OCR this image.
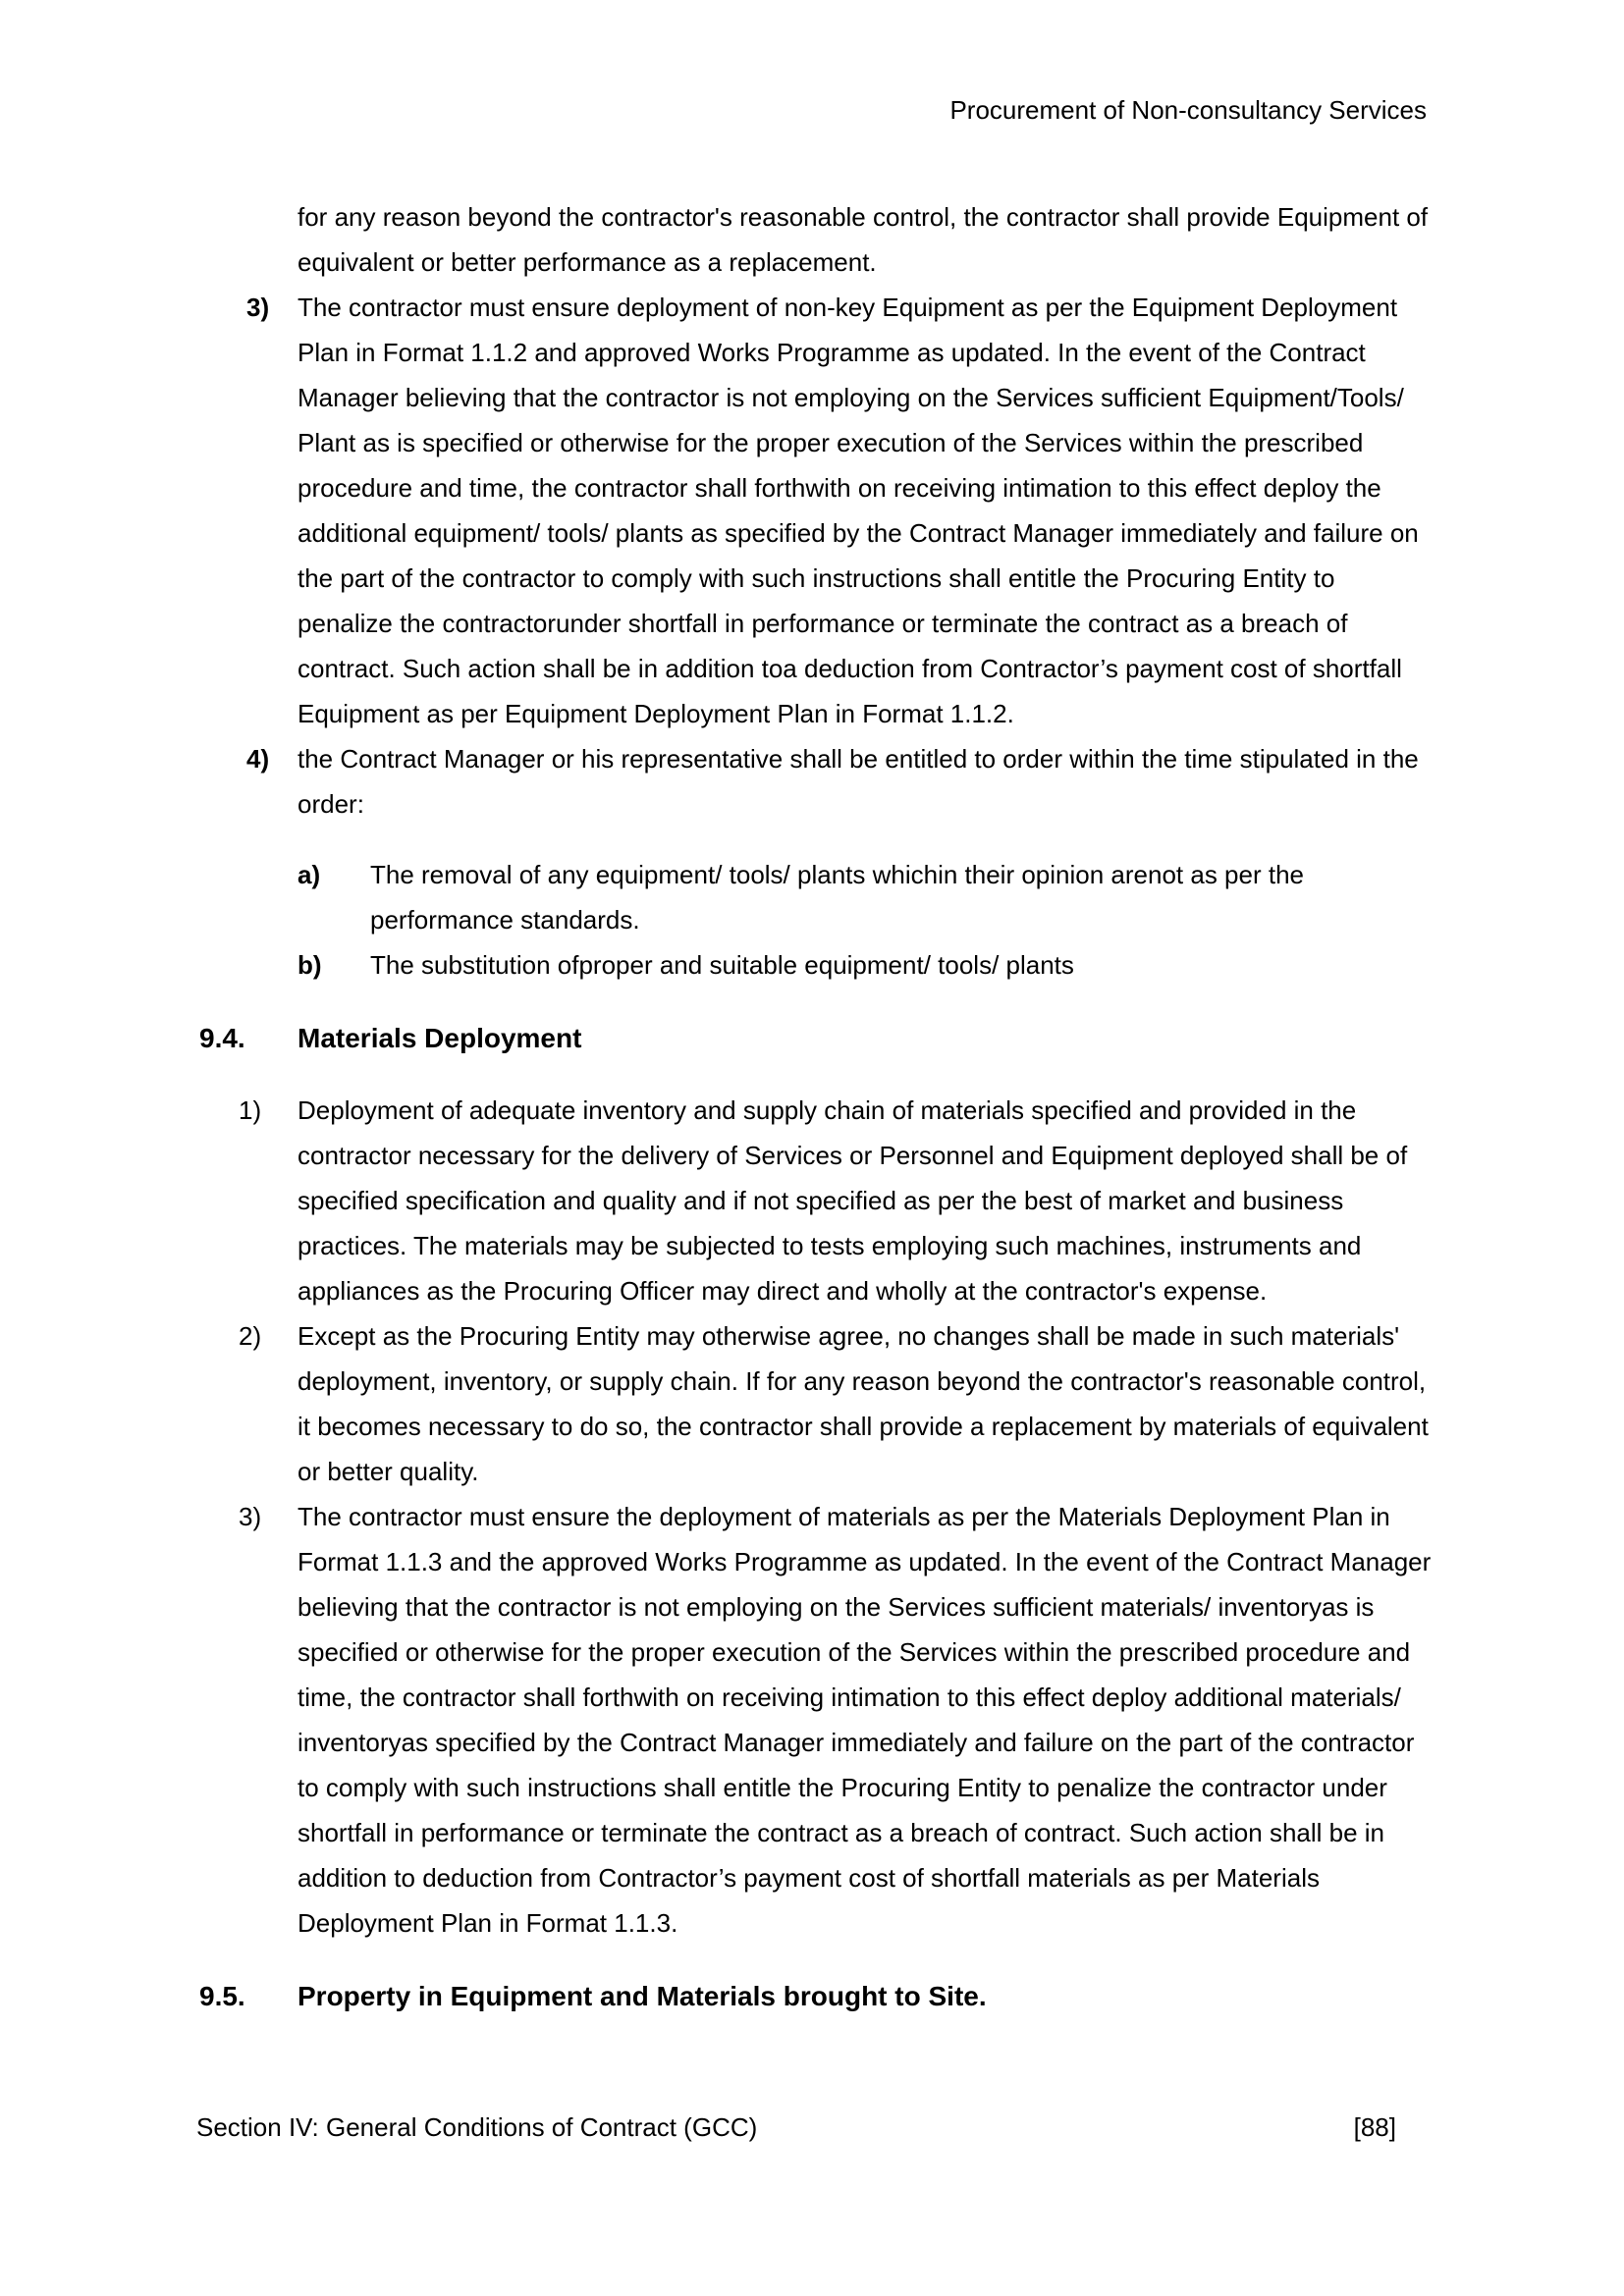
Procurement of Non-consultancy Services

for any reason beyond the contractor's reasonable control, the contractor shall provide Equipment of equivalent or better performance as a replacement.

3)	The contractor must ensure deployment of non-key Equipment as per the Equipment Deployment Plan in Format 1.1.2 and approved Works Programme as updated. In the event of the Contract Manager believing that the contractor is not employing on the Services sufficient Equipment/Tools/ Plant as is specified or otherwise for the proper execution of the Services within the prescribed procedure and time, the contractor shall forthwith on receiving intimation to this effect deploy the additional equipment/ tools/ plants as specified by the Contract Manager immediately and failure on the part of the contractor to comply with such instructions shall entitle the Procuring Entity to penalize the contractorunder shortfall in performance or terminate the contract as a breach of contract. Such action shall be in addition toa deduction from Contractor’s payment cost of shortfall Equipment as per Equipment Deployment Plan in Format 1.1.2.
4)	the Contract Manager or his representative shall be entitled to order within the time stipulated in the order:
a)	The removal of any equipment/ tools/ plants whichin their opinion arenot as per the performance standards.
b)	The substitution ofproper and suitable equipment/ tools/ plants
9.4.	Materials Deployment
1)	Deployment of adequate inventory and supply chain of materials specified and provided in the contractor necessary for the delivery of Services or Personnel and Equipment deployed shall be of specified specification and quality and if not specified as per the best of market and business practices. The materials may be subjected to tests employing such machines, instruments and appliances as the Procuring Officer may direct and wholly at the contractor's expense.
2)	Except as the Procuring Entity may otherwise agree, no changes shall be made in such materials' deployment, inventory, or supply chain. If for any reason beyond the contractor's reasonable control, it becomes necessary to do so, the contractor shall provide a replacement by materials of equivalent or better quality.
3)	The contractor must ensure the deployment of materials as per the Materials Deployment Plan in Format 1.1.3 and the approved Works Programme as updated. In the event of the Contract Manager believing that the contractor is not employing on the Services sufficient materials/ inventoryas is specified or otherwise for the proper execution of the Services within the prescribed procedure and time, the contractor shall forthwith on receiving intimation to this effect deploy additional materials/ inventoryas specified by the Contract Manager immediately and failure on the part of the contractor to comply with such instructions shall entitle the Procuring Entity to penalize the contractor under shortfall in performance or terminate the contract as a breach of contract. Such action shall be in addition to deduction from Contractor’s payment cost of shortfall materials as per Materials Deployment Plan in Format 1.1.3.
9.5.	Property in Equipment and Materials brought to Site.
Section IV: General Conditions of Contract (GCC)	[88]
